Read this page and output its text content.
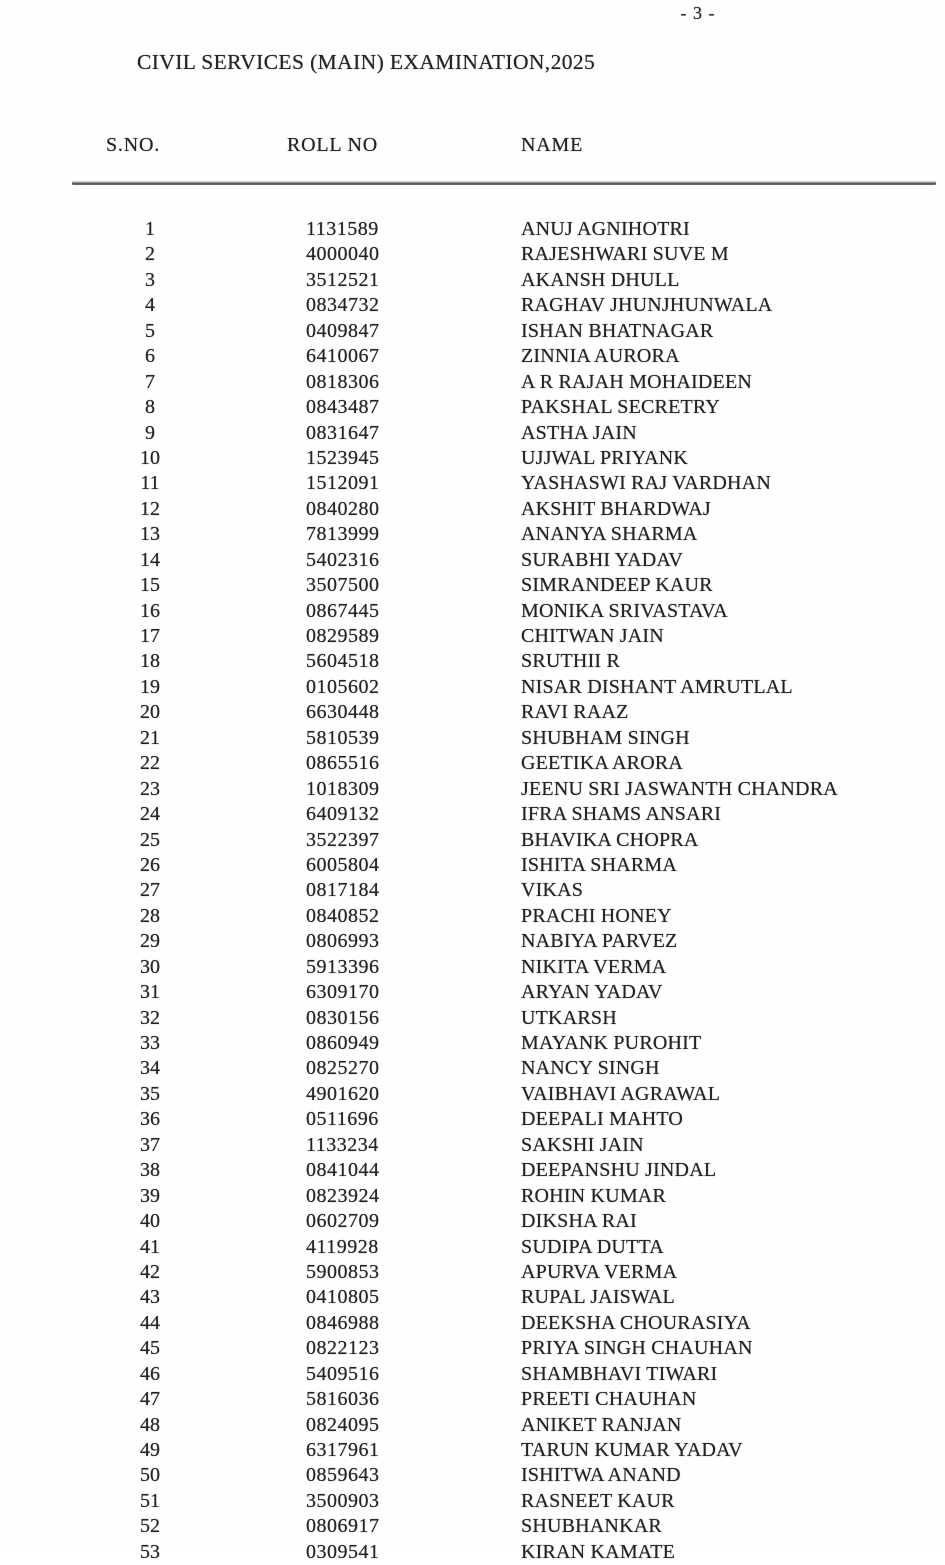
- 3 -
CIVIL SERVICES (MAIN) EXAMINATION,2025
S.NO.	ROLL NO	NAME
1	1131589	ANUJ AGNIHOTRI
2	4000040	RAJESHWARI SUVE M
3	3512521	AKANSH DHULL
4	0834732	RAGHAV JHUNJHUNWALA
5	0409847	ISHAN BHATNAGAR
6	6410067	ZINNIA AURORA
7	0818306	A R RAJAH MOHAIDEEN
8	0843487	PAKSHAL SECRETRY
9	0831647	ASTHA JAIN
10	1523945	UJJWAL PRIYANK
11	1512091	YASHASWI RAJ VARDHAN
12	0840280	AKSHIT BHARDWAJ
13	7813999	ANANYA SHARMA
14	5402316	SURABHI YADAV
15	3507500	SIMRANDEEP KAUR
16	0867445	MONIKA SRIVASTAVA
17	0829589	CHITWAN JAIN
18	5604518	SRUTHII R
19	0105602	NISAR DISHANT AMRUTLAL
20	6630448	RAVI RAAZ
21	5810539	SHUBHAM SINGH
22	0865516	GEETIKA ARORA
23	1018309	JEENU SRI JASWANTH CHANDRA
24	6409132	IFRA SHAMS ANSARI
25	3522397	BHAVIKA CHOPRA
26	6005804	ISHITA SHARMA
27	0817184	VIKAS
28	0840852	PRACHI HONEY
29	0806993	NABIYA PARVEZ
30	5913396	NIKITA VERMA
31	6309170	ARYAN YADAV
32	0830156	UTKARSH
33	0860949	MAYANK PUROHIT
34	0825270	NANCY SINGH
35	4901620	VAIBHAVI AGRAWAL
36	0511696	DEEPALI MAHTO
37	1133234	SAKSHI JAIN
38	0841044	DEEPANSHU JINDAL
39	0823924	ROHIN KUMAR
40	0602709	DIKSHA RAI
41	4119928	SUDIPA DUTTA
42	5900853	APURVA VERMA
43	0410805	RUPAL JAISWAL
44	0846988	DEEKSHA CHOURASIYA
45	0822123	PRIYA SINGH CHAUHAN
46	5409516	SHAMBHAVI TIWARI
47	5816036	PREETI CHAUHAN
48	0824095	ANIKET RANJAN
49	6317961	TARUN KUMAR YADAV
50	0859643	ISHITWA ANAND
51	3500903	RASNEET KAUR
52	0806917	SHUBHANKAR
53	0309541	KIRAN KAMATE
